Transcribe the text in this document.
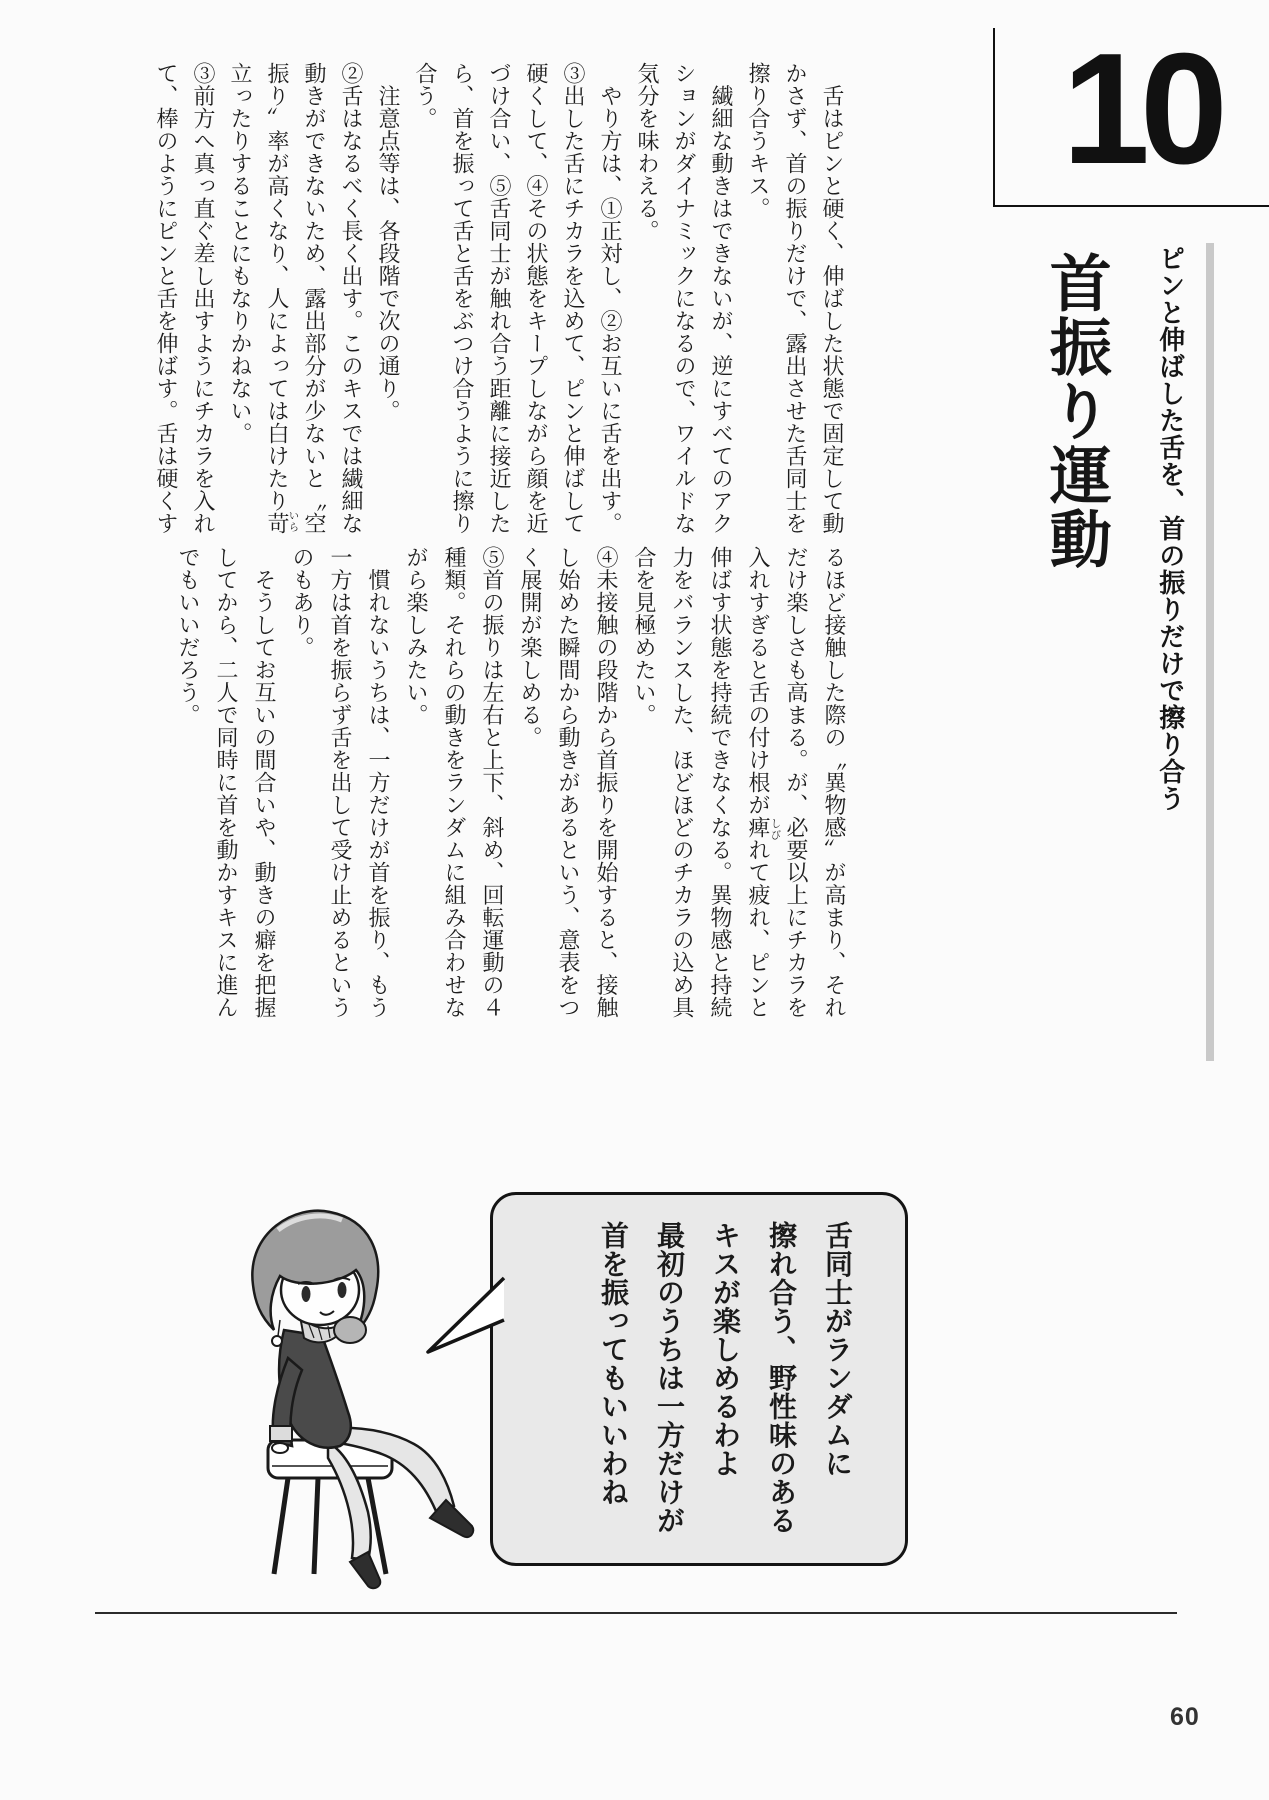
10
ピンと伸ばした舌を、首の振りだけで擦り合う
首振り運動
　舌はピンと硬く、伸ばした状態で固定して動
かさず、首の振りだけで、露出させた舌同士を
擦り合うキス。
　繊細な動きはできないが、逆にすべてのアク
ションがダイナミックになるので、ワイルドな
気分を味わえる。
　やり方は、①正対し、②お互いに舌を出す。
③出した舌にチカラを込めて、ピンと伸ばして
硬くして、④その状態をキープしながら顔を近
づけ合い、⑤舌同士が触れ合う距離に接近した
ら、首を振って舌と舌をぶつけ合うように擦り
合う。
　注意点等は、各段階で次の通り。
②舌はなるべく長く出す。このキスでは繊細な
動きができないため、露出部分が少ないと〝空
振り〟率が高くなり、人によっては白けたり苛
立ったりすることにもなりかねない。
③前方へ真っ直ぐ差し出すようにチカラを入れ
て、棒のようにピンと舌を伸ばす。舌は硬くす	いら
るほど接触した際の〝異物感〟が高まり、それ
だけ楽しさも高まる。が、必要以上にチカラを
入れすぎると舌の付け根が痺れて疲れ、ピンと
伸ばす状態を持続できなくなる。異物感と持続
力をバランスした、ほどほどのチカラの込め具
合を見極めたい。
④未接触の段階から首振りを開始すると、接触
し始めた瞬間から動きがあるという、意表をつ
く展開が楽しめる。
⑤首の振りは左右と上下、斜め、回転運動の４
種類。それらの動きをランダムに組み合わせな
がら楽しみたい。
　慣れないうちは、一方だけが首を振り、もう
一方は首を振らず舌を出して受け止めるという
のもあり。
　そうしてお互いの間合いや、動きの癖を把握
してから、二人で同時に首を動かすキスに進ん
でもいいだろう。
しび
舌同士がランダムに
擦れ合う、野性味のある
キスが楽しめるわよ
最初のうちは一方だけが
首を振ってもいいわね
60
